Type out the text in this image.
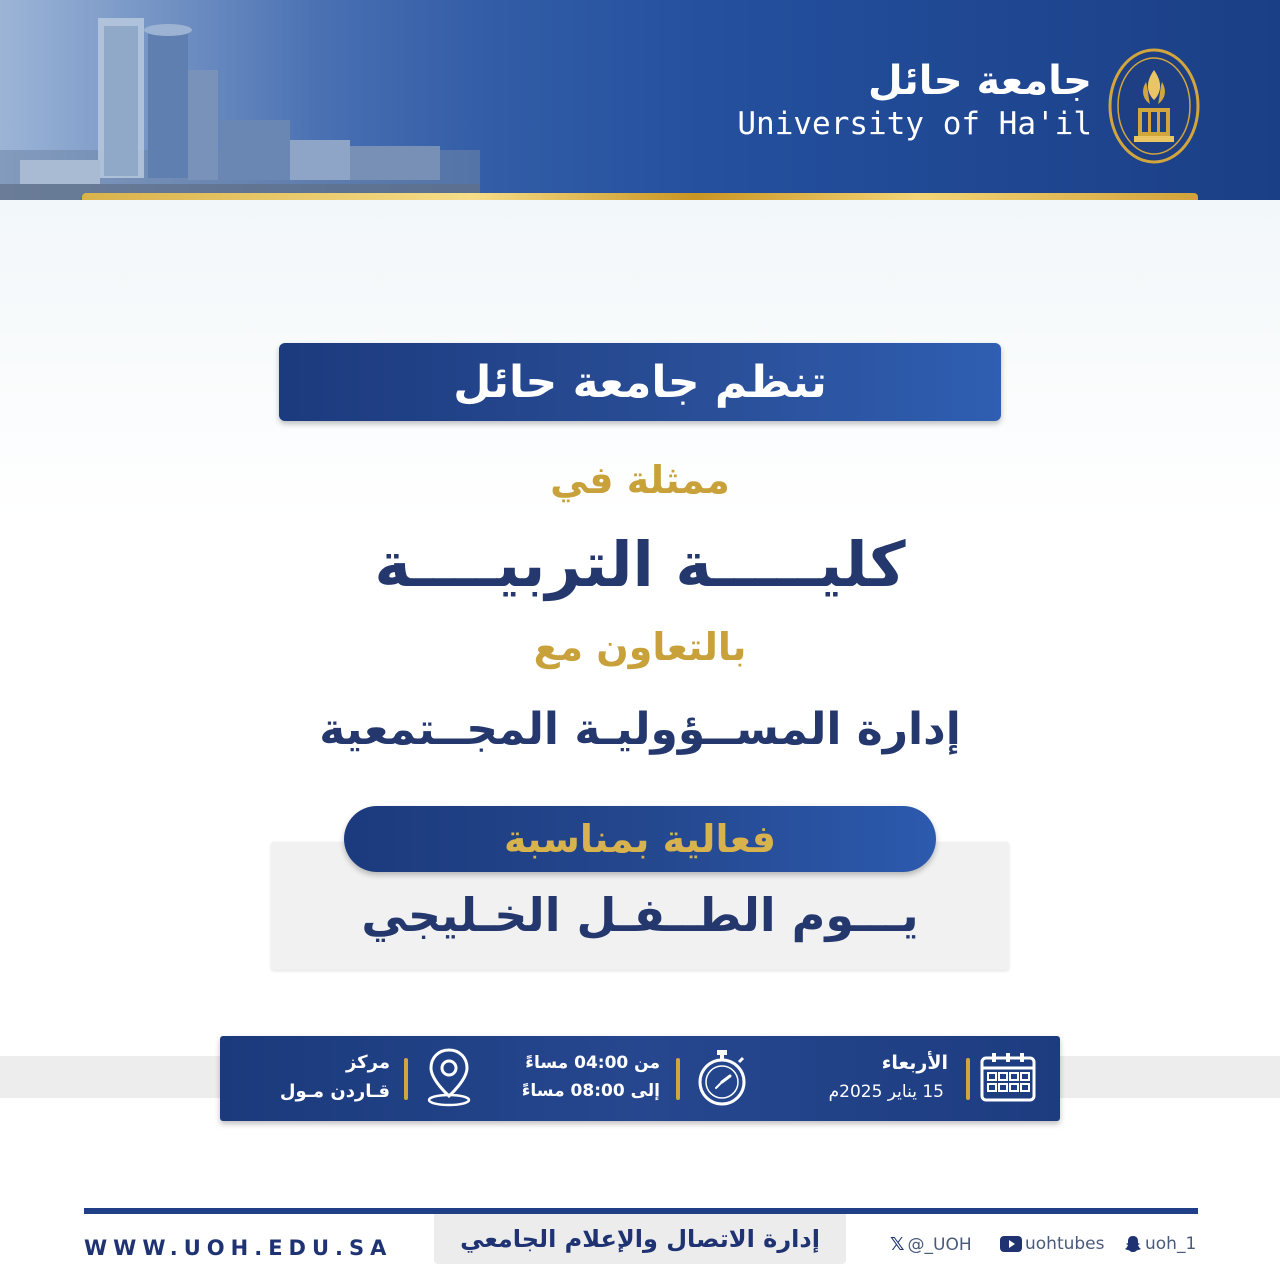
جامعة حائل
University of Ha'il
تنظم جامعة حائل
ممثلة في
كليـــــة التربيــــة
بالتعاون مع
إدارة المســؤوليـة المجــتمعية
فعالية بمناسبة
يـــوم الطــفـل الخـليجي
الأربعاء
15 يناير 2025م
من 04:00 مساءً
إلى 08:00 مساءً
مركز
قـاردن مـول
WWW.UOH.EDU.SA	إدارة الاتصال والإعلام الجامعي	𝕏 @_UOH	uohtubes uoh_1
